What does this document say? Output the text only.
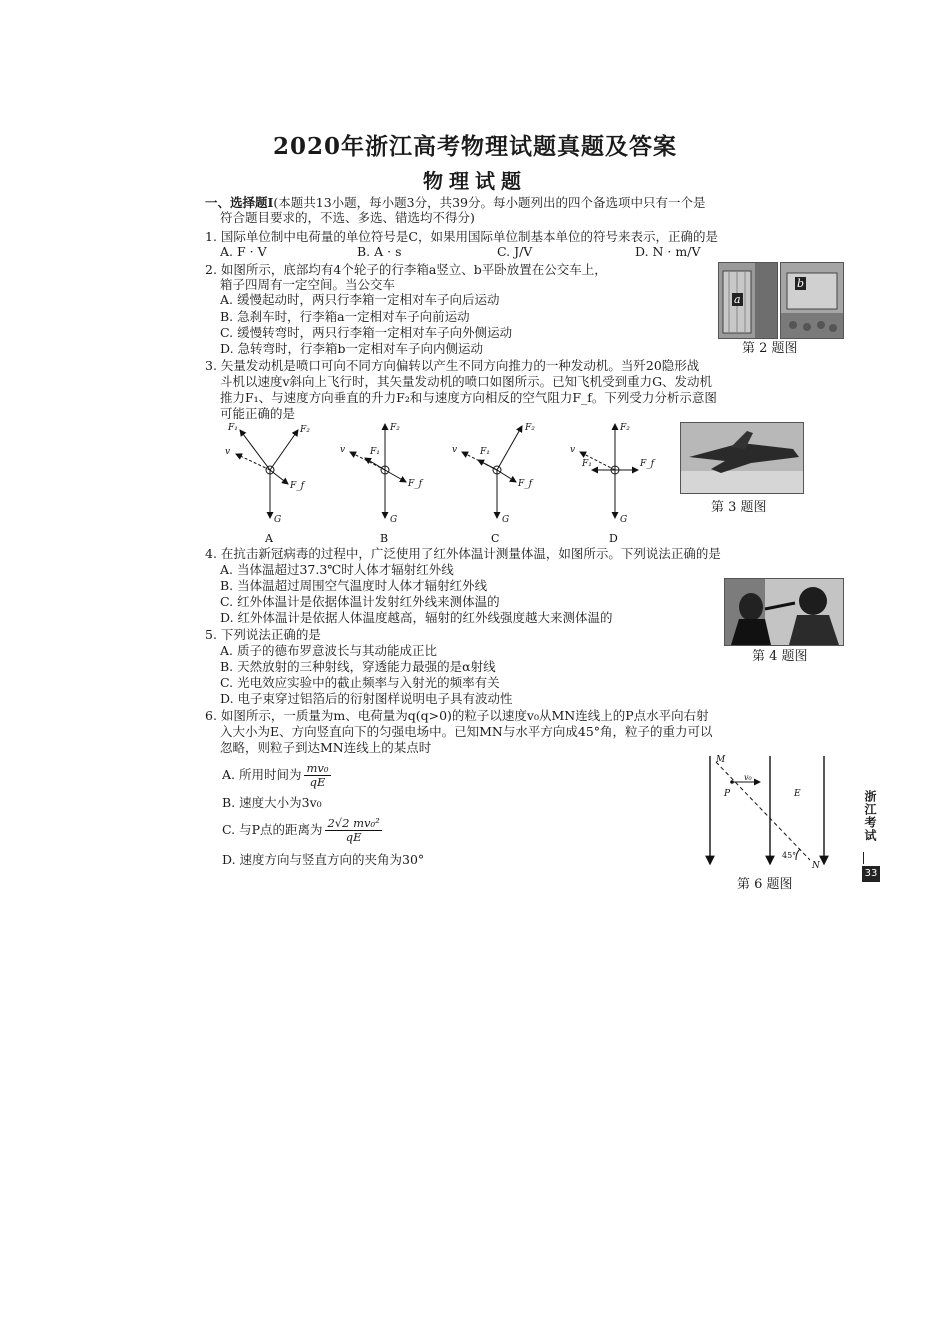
2020年浙江高考物理试题真题及答案
物理试题
一、选择题Ⅰ(本题共13小题，每小题3分，共39分。每小题列出的四个备选项中只有一个是
符合题目要求的，不选、多选、错选均不得分)
1. 国际单位制中电荷量的单位符号是C，如果用国际单位制基本单位的符号来表示，正确的是
A. F · V	B. A · s	C. J/V	D. N · m/V
2. 如图所示，底部均有4个轮子的行李箱a竖立、b平卧放置在公交车上，
箱子四周有一定空间。当公交车
A. 缓慢起动时，两只行李箱一定相对车子向后运动
B. 急刹车时，行李箱a一定相对车子向前运动
C. 缓慢转弯时，两只行李箱一定相对车子向外侧运动
D. 急转弯时，行李箱b一定相对车子向内侧运动
a
b
第 2 题图
3. 矢量发动机是喷口可向不同方向偏转以产生不同方向推力的一种发动机。当歼20隐形战
斗机以速度v斜向上飞行时，其矢量发动机的喷口如图所示。已知飞机受到重力G、发动机
推力F₁、与速度方向垂直的升力F₂和与速度方向相反的空气阻力F_f。下列受力分析示意图
可能正确的是
F₁	F₂
v
F_f
G
A
F₂
F₁
v
F_f
G
B
F₂
F₁
v
F_f
G
C
F₂
F₁
v
F_f
G
D
第 3 题图
4. 在抗击新冠病毒的过程中，广泛使用了红外体温计测量体温，如图所示。下列说法正确的是
A. 当体温超过37.3℃时人体才辐射红外线
B. 当体温超过周围空气温度时人体才辐射红外线
C. 红外体温计是依据体温计发射红外线来测体温的
D. 红外体温计是依据人体温度越高，辐射的红外线强度越大来测体温的
第 4 题图
5. 下列说法正确的是
A. 质子的德布罗意波长与其动能成正比
B. 天然放射的三种射线，穿透能力最强的是α射线
C. 光电效应实验中的截止频率与入射光的频率有关
D. 电子束穿过铝箔后的衍射图样说明电子具有波动性
6. 如图所示，一质量为m、电荷量为q(q>0)的粒子以速度v₀从MN连线上的P点水平向右射
入大小为E、方向竖直向下的匀强电场中。已知MN与水平方向成45°角，粒子的重力可以
忽略，则粒子到达MN连线上的某点时
A. 所用时间为 $\frac{\text{mv₀}}{qE}$
B. 速度大小为3v₀
C. 与P点的距离为 $\frac{\text{2√2 mv₀²}}{qE}$
D. 速度方向与竖直方向的夹角为30°
M
N
P	E
v₀
45°
第 6 题图
浙江考试
33
